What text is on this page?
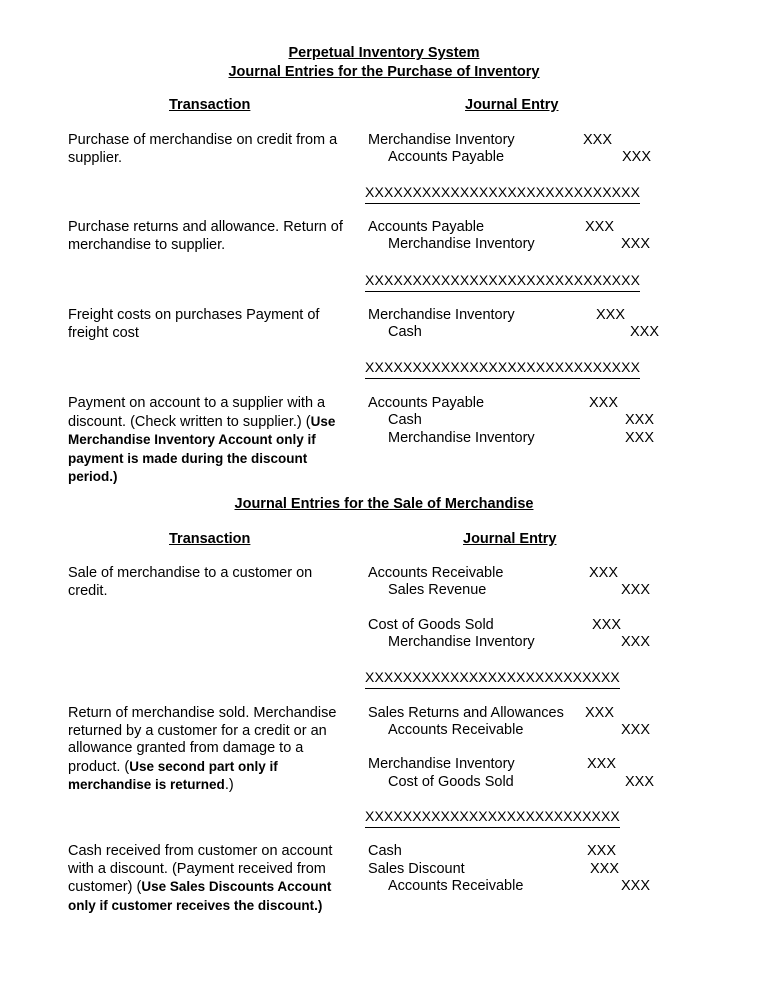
Perpetual Inventory System
Journal Entries for the Purchase of Inventory
Transaction	Journal Entry
Purchase of merchandise on credit from a supplier.
Merchandise Inventory	XXX
Accounts Payable	XXX
XXXXXXXXXXXXXXXXXXXXXXXXXXXXX
Purchase returns and allowance. Return of merchandise to supplier.
Accounts Payable	XXX
Merchandise Inventory	XXX
XXXXXXXXXXXXXXXXXXXXXXXXXXXXX
Freight costs on purchases Payment of freight cost
Merchandise Inventory	XXX
Cash	XXX
XXXXXXXXXXXXXXXXXXXXXXXXXXXXX
Payment on account to a supplier with a discount. (Check written to supplier.) (Use Merchandise Inventory Account only if payment is made during the discount period.)
Accounts Payable	XXX
Cash	XXX
Merchandise Inventory	XXX
Journal Entries for the Sale of Merchandise
Transaction	Journal Entry
Sale of merchandise to a customer on credit.
Accounts Receivable	XXX
Sales Revenue	XXX
Cost of Goods Sold	XXX
Merchandise Inventory	XXX
XXXXXXXXXXXXXXXXXXXXXXXXXXX
Return of merchandise sold. Merchandise returned by a customer for a credit or an allowance granted from damage to a product. (Use second part only if merchandise is returned.)
Sales Returns and Allowances XXX
Accounts Receivable	XXX
Merchandise Inventory	XXX
Cost of Goods Sold	XXX
XXXXXXXXXXXXXXXXXXXXXXXXXXX
Cash received from customer on account with a discount. (Payment received from customer) (Use Sales Discounts Account only if customer receives the discount.)
Cash	XXX
Sales Discount	XXX
Accounts Receivable	XXX
